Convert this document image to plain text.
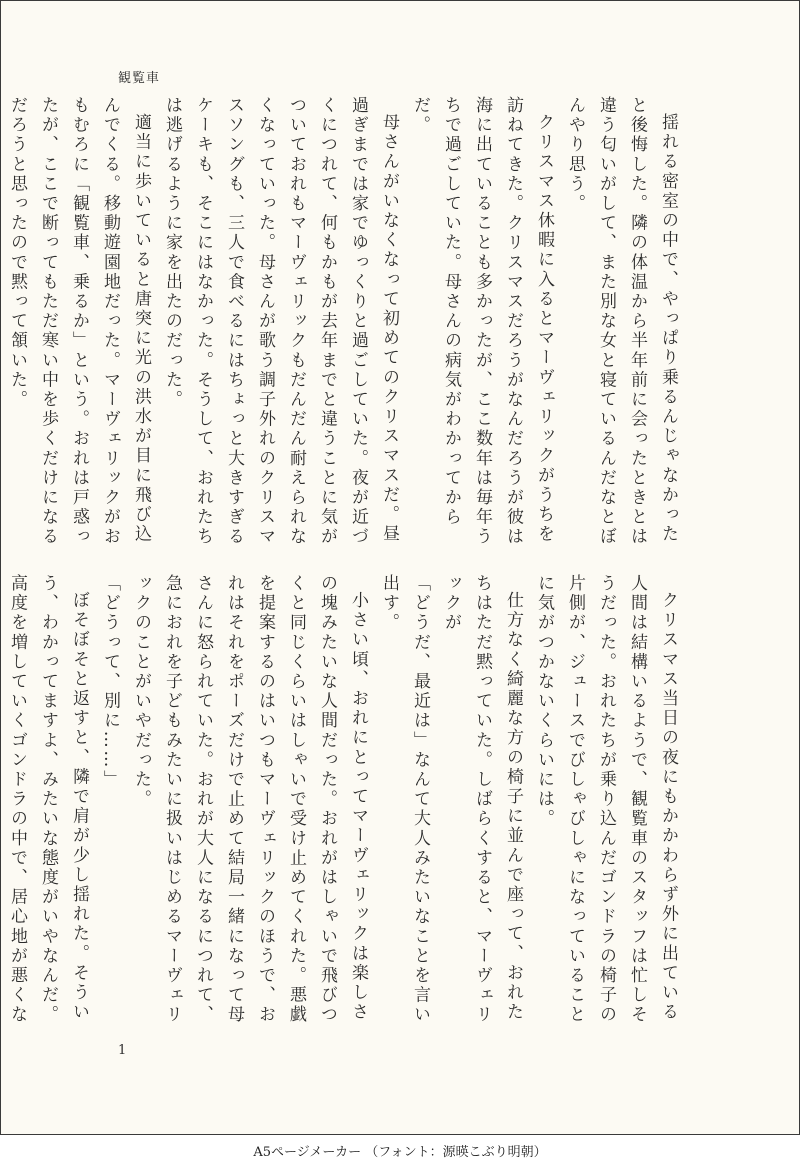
観覧車

揺れる密室の中で、やっぱり乗るんじゃなかったと後悔した。隣の体温から半年前に会ったときとは違う匂いがして、また別な女と寝ているんだなとぼんやり思う。

クリスマス休暇に入るとマーヴェリックがうちを訪ねてきた。クリスマスだろうがなんだろうが彼は海に出ていることも多かったが、ここ数年は毎年うちで過ごしていた。母さんの病気がわかってからだ。

母さんがいなくなって初めてのクリスマスだ。昼過ぎまでは家でゆっくりと過ごしていた。夜が近づくにつれて、何もかもが去年までと違うことに気がついておれもマーヴェリックもだんだん耐えられなくなっていった。母さんが歌う調子外れのクリスマスソングも、三人で食べるにはちょっと大きすぎるケーキも、そこにはなかった。そうして、おれたちは逃げるように家を出たのだった。

適当に歩いていると唐突に光の洪水が目に飛び込んでくる。移動遊園地だった。マーヴェリックがおもむろに「観覧車、乗るか」という。おれは戸惑ったが、ここで断ってもただ寒い中を歩くだけになるだろうと思ったので黙って頷いた。

クリスマス当日の夜にもかかわらず外に出ている人間は結構いるようで、観覧車のスタッフは忙しそうだった。おれたちが乗り込んだゴンドラの椅子の片側が、ジュースでびしゃびしゃになっていることに気がつかないくらいには。

仕方なく綺麗な方の椅子に並んで座って、おれたちはただ黙っていた。しばらくすると、マーヴェリックが

「どうだ、最近は」なんて大人みたいなことを言い出す。

小さい頃、おれにとってマーヴェリックは楽しさの塊みたいな人間だった。おれがはしゃいで飛びつくと同じくらいはしゃいで受け止めてくれた。悪戯を提案するのはいつもマーヴェリックのほうで、おれはそれをポーズだけで止めて結局一緒になって母さんに怒られていた。おれが大人になるにつれて、急におれを子どもみたいに扱いはじめるマーヴェリックのことがいやだった。

「どうって、別に……」

ぼそぼそと返すと、隣で肩が少し揺れた。そういう、わかってますよ、みたいな態度がいやなんだ。高度を増していくゴンドラの中で、居心地が悪くな

1
A5ページメーカー （フォント：源暎こぶり明朝）
